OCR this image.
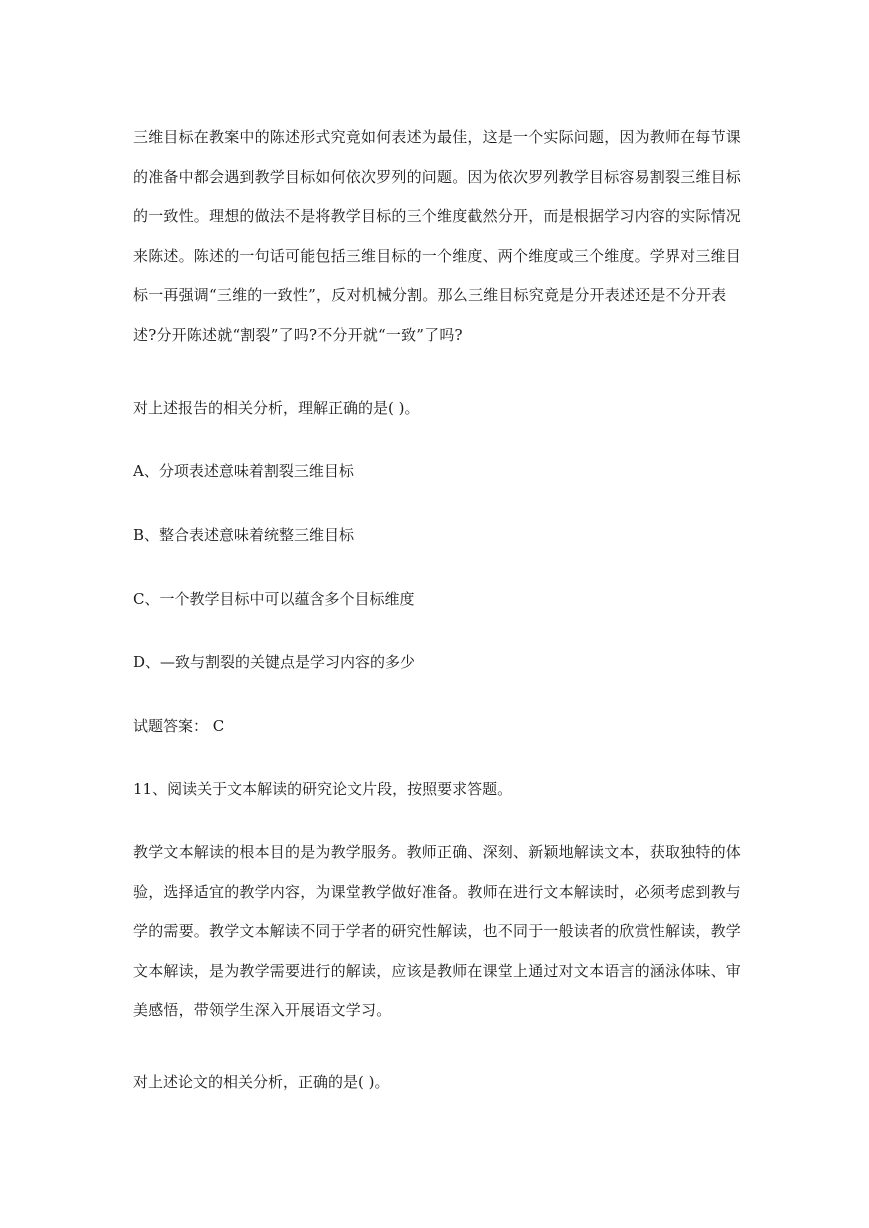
三维目标在教案中的陈述形式究竟如何表述为最佳，这是一个实际问题，因为教师在每节课
的准备中都会遇到教学目标如何依次罗列的问题。因为依次罗列教学目标容易割裂三维目标
的一致性。理想的做法不是将教学目标的三个维度截然分开，而是根据学习内容的实际情况
来陈述。陈述的一句话可能包括三维目标的一个维度、两个维度或三个维度。学界对三维目
标一再强调“三维的一致性”，反对机械分割。那么三维目标究竟是分开表述还是不分开表
述?分开陈述就“割裂”了吗?不分开就“一致”了吗?

对上述报告的相关分析，理解正确的是( )。

A、分项表述意味着割裂三维目标

B、整合表述意味着统整三维目标

C、一个教学目标中可以蕴含多个目标维度

D、—致与割裂的关键点是学习内容的多少

试题答案： C

11、阅读关于文本解读的研究论文片段，按照要求答题。

教学文本解读的根本目的是为教学服务。教师正确、深刻、新颖地解读文本，获取独特的体
验，选择适宜的教学内容，为课堂教学做好准备。教师在进行文本解读时，必须考虑到教与
学的需要。教学文本解读不同于学者的研究性解读，也不同于一般读者的欣赏性解读，教学
文本解读，是为教学需要进行的解读，应该是教师在课堂上通过对文本语言的涵泳体味、审
美感悟，带领学生深入开展语文学习。

对上述论文的相关分析，正确的是( )。
